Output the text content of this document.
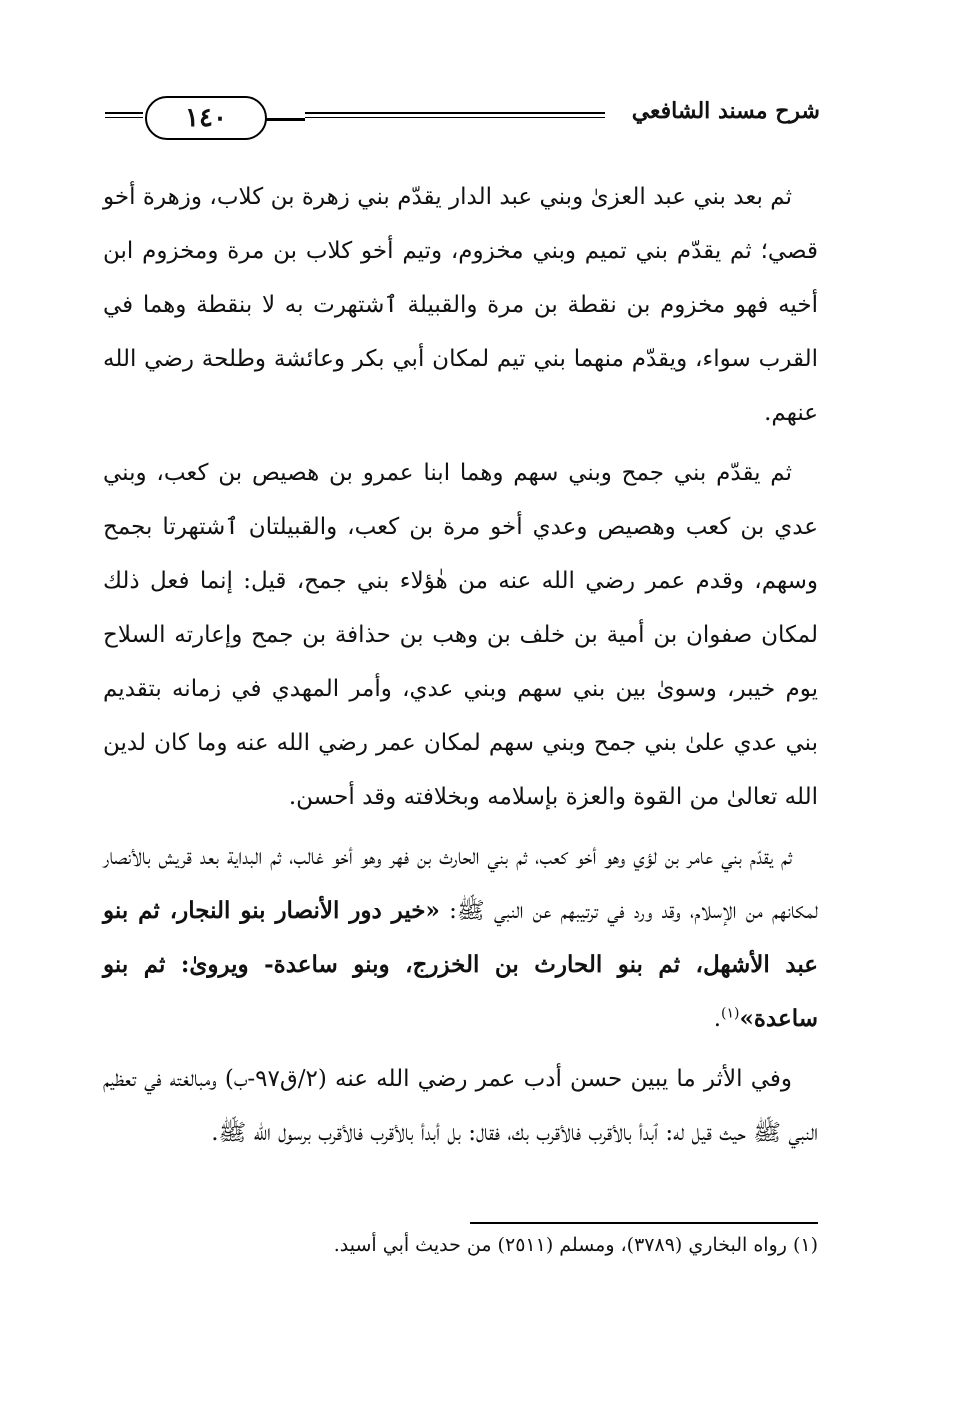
١٤٠	شرح مسند الشافعي

ثم بعد بني عبد العزىٰ وبني عبد الدار يقدّم بني زهرة بن كلاب، وزهرة أخو قصي؛ ثم يقدّم بني تميم وبني مخزوم، وتيم أخو كلاب بن مرة ومخزوم ابن أخيه فهو مخزوم بن نقطة بن مرة والقبيلة ٱشتهرت به لا بنقطة وهما في القرب سواء، ويقدّم منهما بني تيم لمكان أبي بكر وعائشة وطلحة رضي الله عنهم.

ثم يقدّم بني جمح وبني سهم وهما ابنا عمرو بن هصيص بن كعب، وبني عدي بن كعب وهصيص وعدي أخو مرة بن كعب، والقبيلتان ٱشتهرتا بجمح وسهم، وقدم عمر رضي الله عنه من هٰؤلاء بني جمح، قيل: إنما فعل ذلك لمكان صفوان بن أمية بن خلف بن وهب بن حذافة بن جمح وإعارته السلاح يوم خيبر، وسوىٰ بين بني سهم وبني عدي، وأمر المهدي في زمانه بتقديم بني عدي علىٰ بني جمح وبني سهم لمكان عمر رضي الله عنه وما كان لدين الله تعالىٰ من القوة والعزة بإسلامه وبخلافته وقد أحسن.

ثم يقدّم بني عامر بن لؤي وهو أخو كعب، ثم بني الحارث بن فهر وهو أخو غالب، ثم البداية بعد قريش بالأنصار لمكانهم من الإسلام، وقد ورد في ترتيبهم عن النبي ﷺ: «خير دور الأنصار بنو النجار، ثم بنو عبد الأشهل، ثم بنو الحارث بن الخزرج، وبنو ساعدة- ويروىٰ: ثم بنو ساعدة»$^{(١)}$.

وفي الأثر ما يبين حسن أدب عمر رضي الله عنه (٢/ق٩٧-ب) ومبالغته في تعظيم النبي ﷺ حيث قيل له: ٱبدأ بالأقرب فالأقرب بك، فقال: بل أبدأ بالأقرب فالأقرب برسول الله ﷺ.

(١) رواه البخاري (٣٧٨٩)، ومسلم (٢٥١١) من حديث أبي أسيد.
